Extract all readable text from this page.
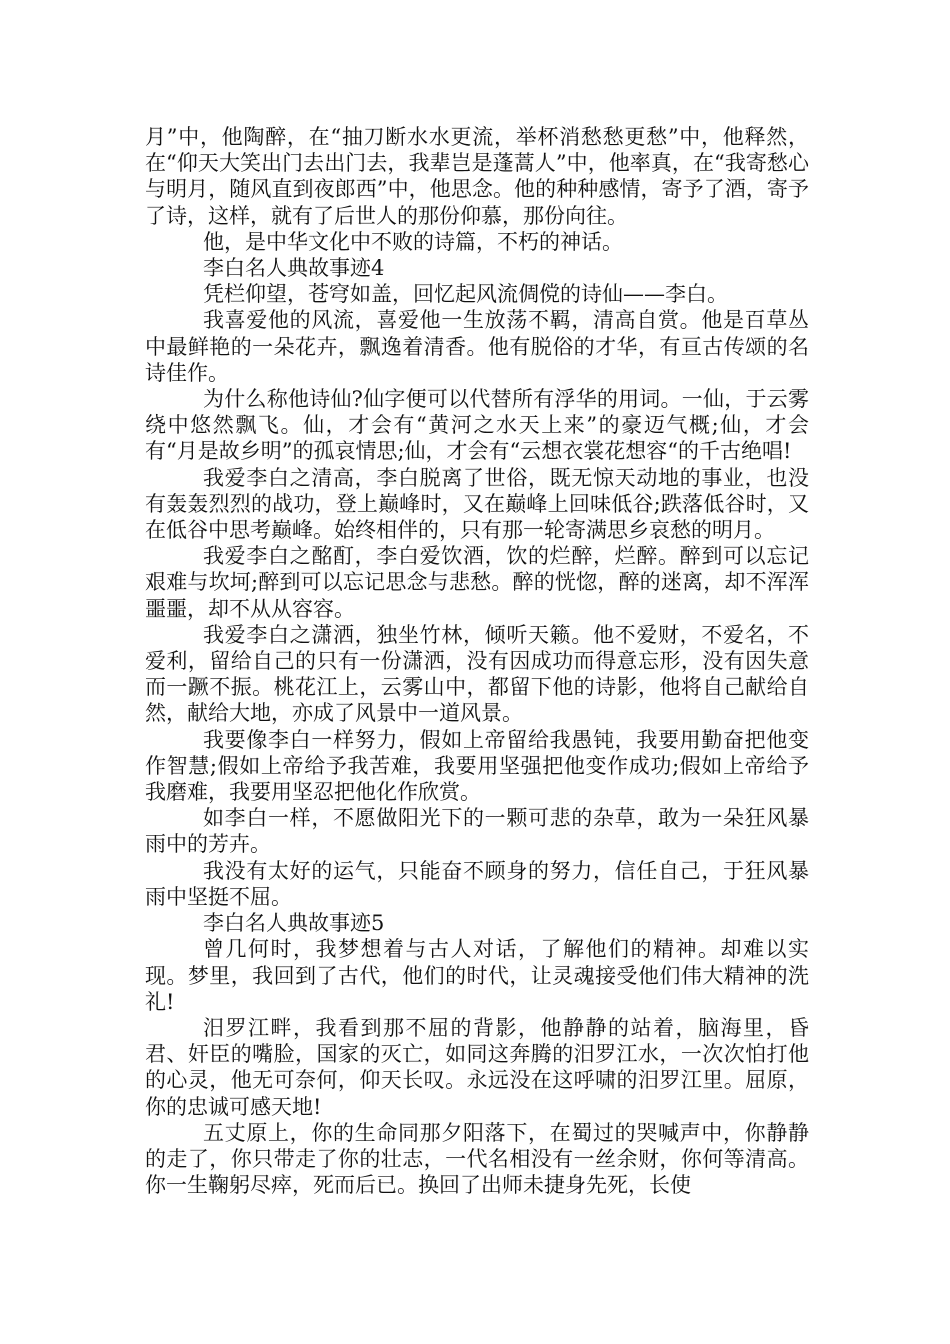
月”中，他陶醉，在“抽刀断水水更流，举杯消愁愁更愁”中，他释然，在“仰天大笑出门去出门去，我辈岂是蓬蒿人”中，他率真，在“我寄愁心与明月，随风直到夜郎西”中，他思念。他的种种感情，寄予了酒，寄予了诗，这样，就有了后世人的那份仰慕，那份向往。

他，是中华文化中不败的诗篇，不朽的神话。

李白名人典故事迹4

凭栏仰望，苍穹如盖，回忆起风流倜傥的诗仙——李白。

我喜爱他的风流，喜爱他一生放荡不羁，清高自赏。他是百草丛中最鲜艳的一朵花卉，飘逸着清香。他有脱俗的才华，有亘古传颂的名诗佳作。

为什么称他诗仙?仙字便可以代替所有浮华的用词。一仙，于云雾绕中悠然飘飞。仙，才会有“黄河之水天上来”的豪迈气概;仙，才会有“月是故乡明”的孤哀情思;仙，才会有“云想衣裳花想容“的千古绝唱!

我爱李白之清高，李白脱离了世俗，既无惊天动地的事业，也没有轰轰烈烈的战功，登上巅峰时，又在巅峰上回味低谷;跌落低谷时，又在低谷中思考巅峰。始终相伴的，只有那一轮寄满思乡哀愁的明月。

我爱李白之酩酊，李白爱饮酒，饮的烂醉，烂醉。醉到可以忘记艰难与坎坷;醉到可以忘记思念与悲愁。醉的恍惚，醉的迷离，却不浑浑噩噩，却不从从容容。

我爱李白之潇洒，独坐竹林，倾听天籁。他不爱财，不爱名，不爱利，留给自己的只有一份潇洒，没有因成功而得意忘形，没有因失意而一蹶不振。桃花江上，云雾山中，都留下他的诗影，他将自己献给自然，献给大地，亦成了风景中一道风景。

我要像李白一样努力，假如上帝留给我愚钝，我要用勤奋把他变作智慧;假如上帝给予我苦难，我要用坚强把他变作成功;假如上帝给予我磨难，我要用坚忍把他化作欣赏。

如李白一样，不愿做阳光下的一颗可悲的杂草，敢为一朵狂风暴雨中的芳卉。

我没有太好的运气，只能奋不顾身的努力，信任自己，于狂风暴雨中坚挺不屈。

李白名人典故事迹5

曾几何时，我梦想着与古人对话，了解他们的精神。却难以实现。梦里，我回到了古代，他们的时代，让灵魂接受他们伟大精神的洗礼!

汨罗江畔，我看到那不屈的背影，他静静的站着，脑海里，昏君、奸臣的嘴脸，国家的灭亡，如同这奔腾的汨罗江水，一次次怕打他的心灵，他无可奈何，仰天长叹。永远没在这呼啸的汨罗江里。屈原，你的忠诚可感天地!

五丈原上，你的生命同那夕阳落下，在蜀过的哭喊声中，你静静的走了，你只带走了你的壮志，一代名相没有一丝余财，你何等清高。你一生鞠躬尽瘁，死而后已。换回了出师未捷身先死，长使
